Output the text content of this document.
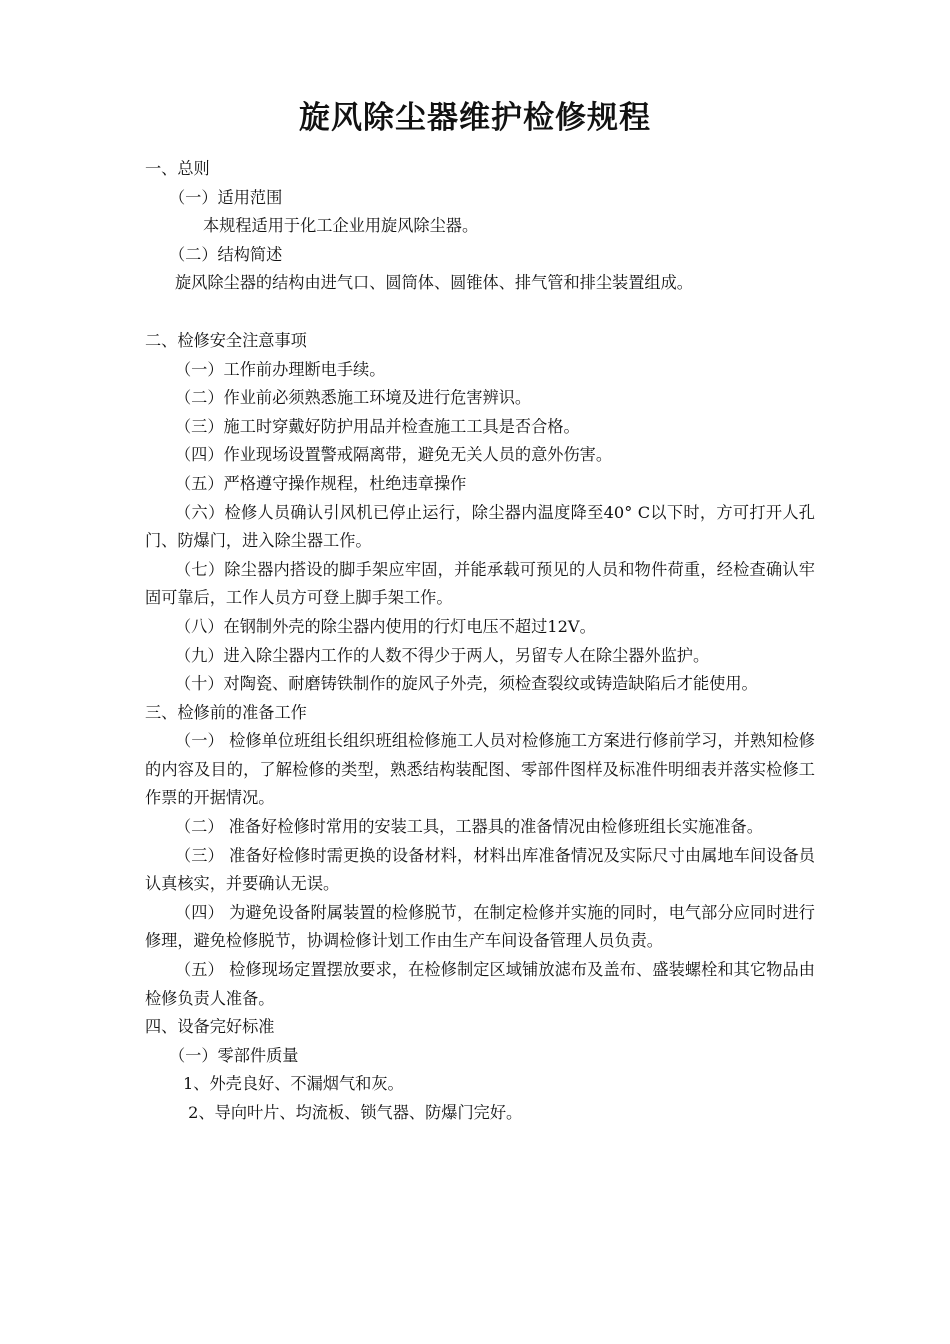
旋风除尘器维护检修规程

一、总则

（一）适用范围

本规程适用于化工企业用旋风除尘器。

（二）结构简述

旋风除尘器的结构由进气口、圆筒体、圆锥体、排气管和排尘装置组成。

二、检修安全注意事项

（一）工作前办理断电手续。

（二）作业前必须熟悉施工环境及进行危害辨识。

（三）施工时穿戴好防护用品并检查施工工具是否合格。

（四）作业现场设置警戒隔离带，避免无关人员的意外伤害。

（五）严格遵守操作规程，杜绝违章操作

（六）检修人员确认引风机已停止运行，除尘器内温度降至40° C以下时，方可打开人孔门、防爆门，进入除尘器工作。

（七）除尘器内搭设的脚手架应牢固，并能承载可预见的人员和物件荷重，经检查确认牢固可靠后，工作人员方可登上脚手架工作。

（八）在钢制外壳的除尘器内使用的行灯电压不超过12V。

（九）进入除尘器内工作的人数不得少于两人，另留专人在除尘器外监护。

（十）对陶瓷、耐磨铸铁制作的旋风子外壳，须检查裂纹或铸造缺陷后才能使用。

三、检修前的准备工作

（一） 检修单位班组长组织班组检修施工人员对检修施工方案进行修前学习，并熟知检修的内容及目的，了解检修的类型，熟悉结构装配图、零部件图样及标准件明细表并落实检修工作票的开据情况。

（二） 准备好检修时常用的安装工具，工器具的准备情况由检修班组长实施准备。

（三） 准备好检修时需更换的设备材料，材料出库准备情况及实际尺寸由属地车间设备员认真核实，并要确认无误。

（四） 为避免设备附属装置的检修脱节，在制定检修并实施的同时，电气部分应同时进行修理，避免检修脱节，协调检修计划工作由生产车间设备管理人员负责。

（五） 检修现场定置摆放要求，在检修制定区域铺放滤布及盖布、盛装螺栓和其它物品由检修负责人准备。

四、设备完好标准

（一）零部件质量

1、外壳良好、不漏烟气和灰。

2、导向叶片、均流板、锁气器、防爆门完好。
